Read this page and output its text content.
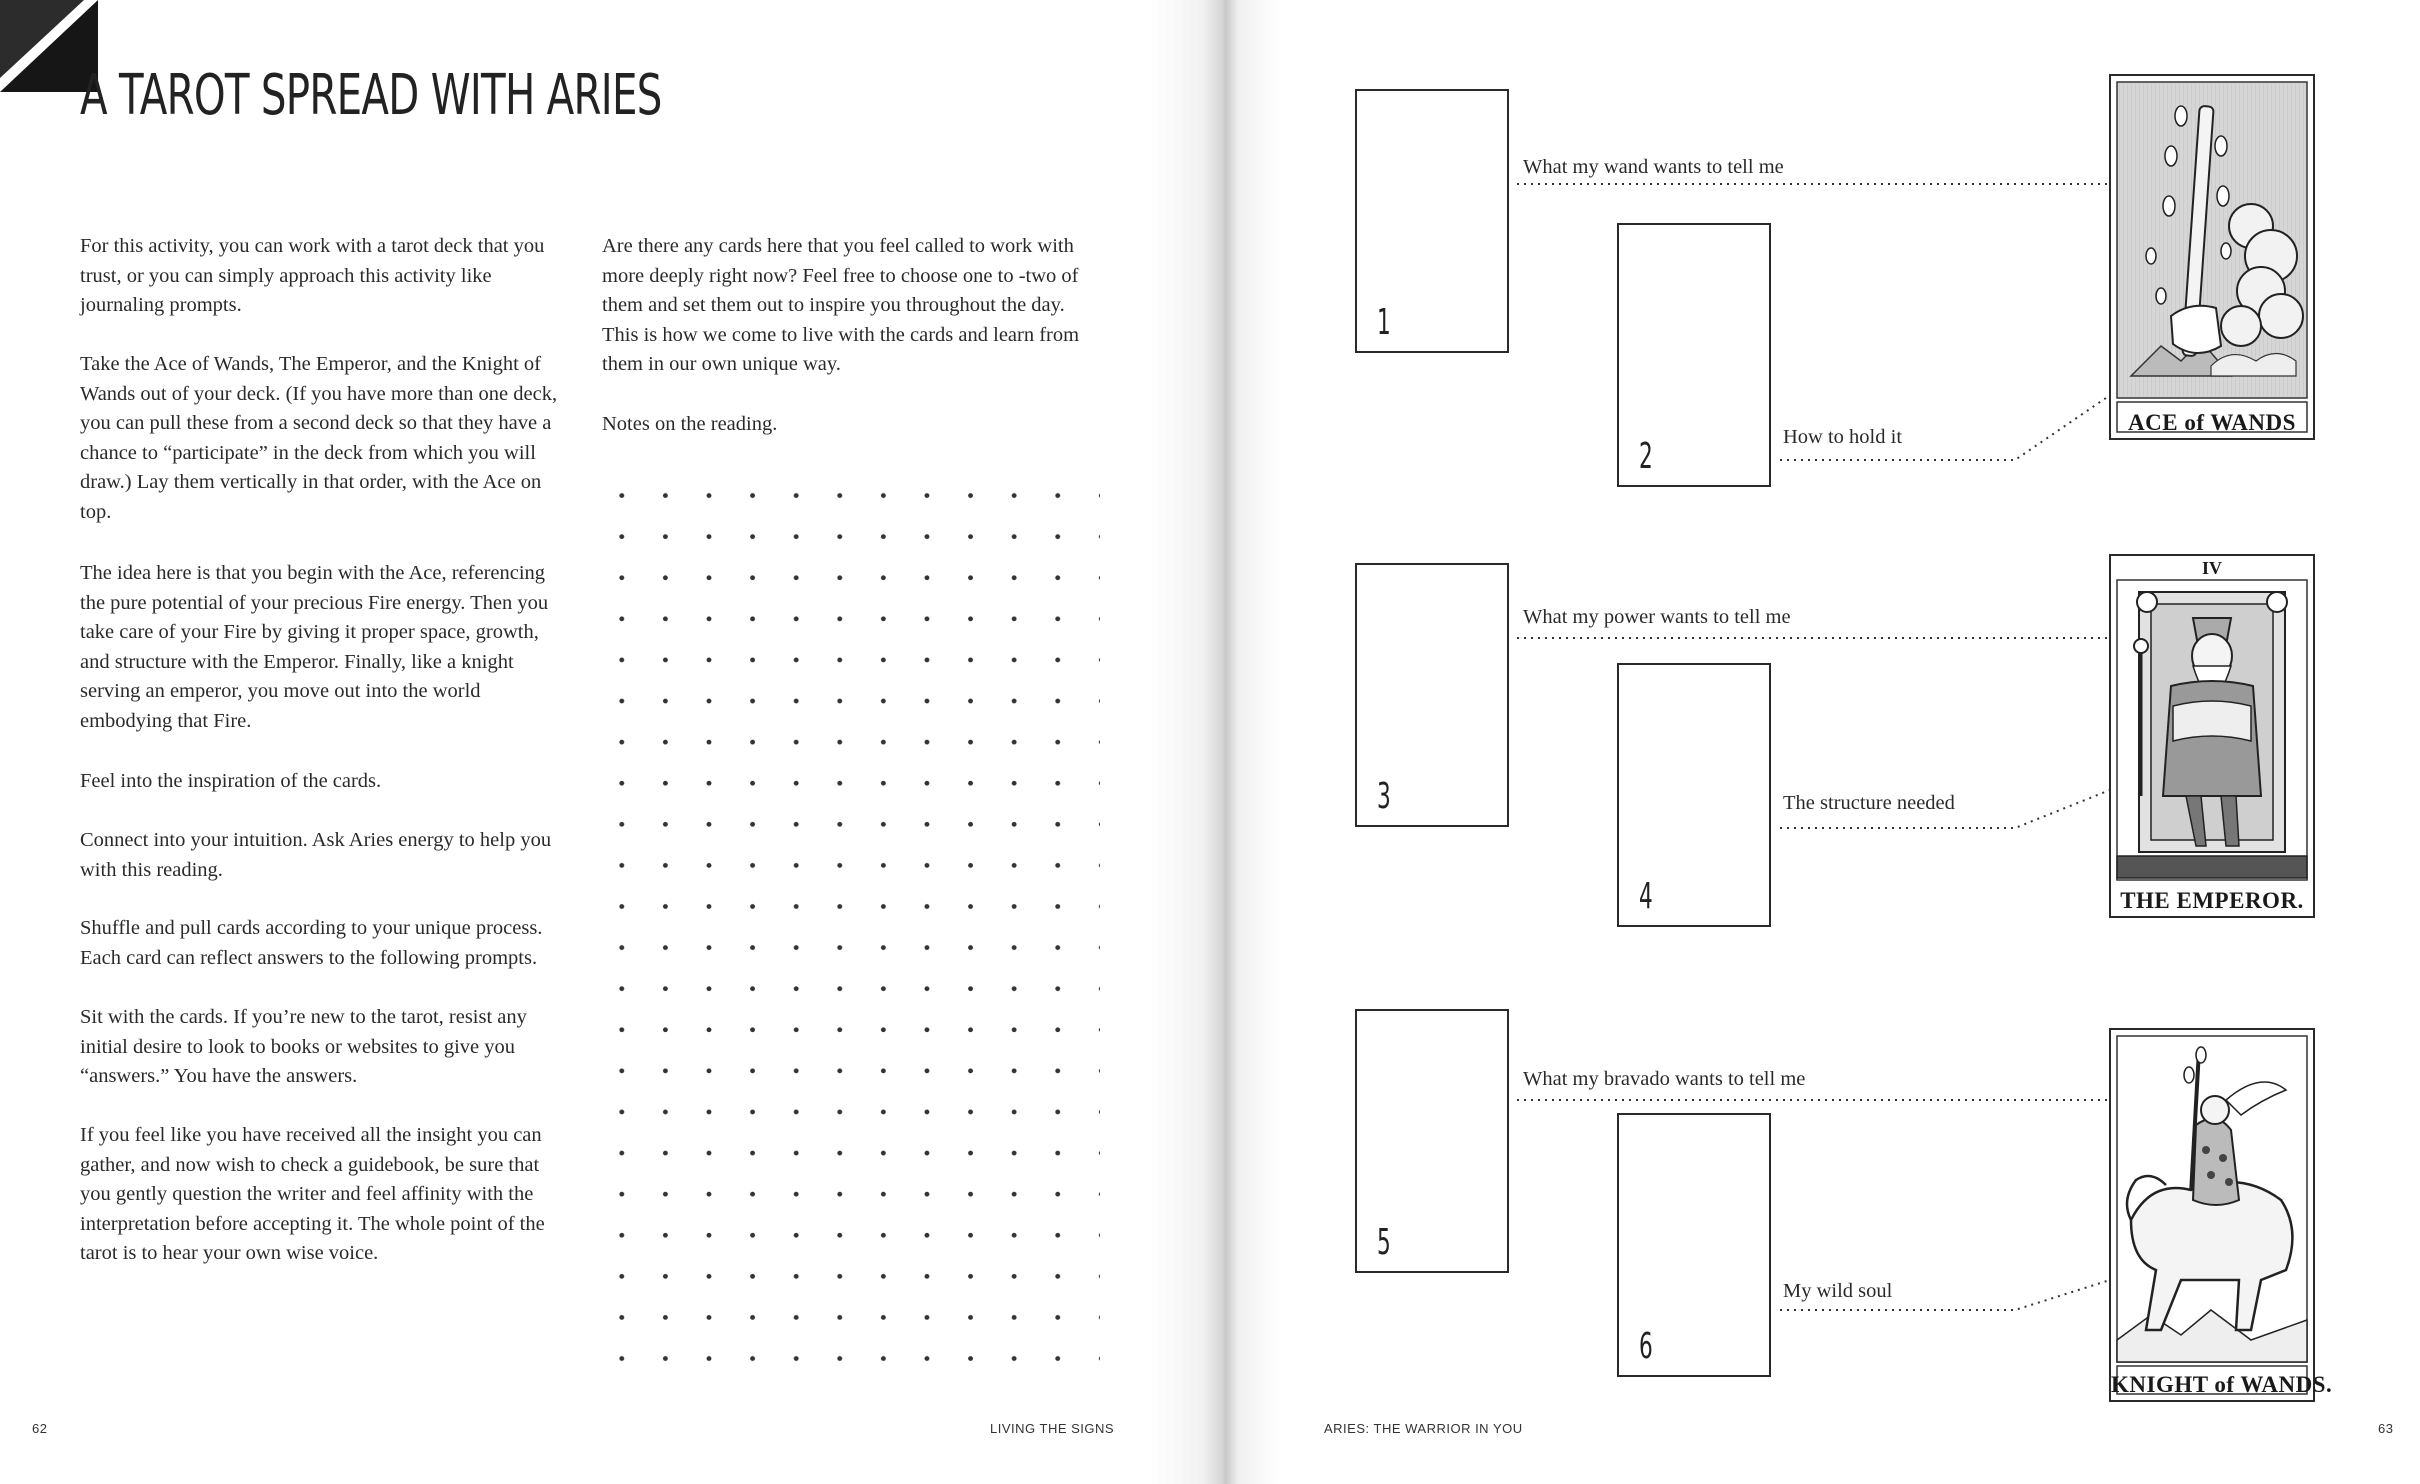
A TAROT SPREAD WITH ARIES

For this activity, you can work with a tarot deck that you trust, or you can simply approach this activity like journaling prompts.

Take the Ace of Wands, The Emperor, and the Knight of Wands out of your deck. (If you have more than one deck, you can pull these from a second deck so that they have a chance to “participate” in the deck from which you will draw.) Lay them vertically in that order, with the Ace on top.

The idea here is that you begin with the Ace, referencing the pure potential of your precious Fire energy. Then you take care of your Fire by giving it proper space, growth, and structure with the Emperor. Finally, like a knight serving an emperor, you move out into the world embodying that Fire.

Feel into the inspiration of the cards.

Connect into your intuition. Ask Aries energy to help you with this reading.

Shuffle and pull cards according to your unique process. Each card can reflect answers to the following prompts.

Sit with the cards. If you’re new to the tarot, resist any initial desire to look to books or websites to give you “answers.” You have the answers.

If you feel like you have received all the insight you can gather, and now wish to check a guidebook, be sure that you gently question the writer and feel affinity with the interpretation before accepting it. The whole point of the tarot is to hear your own wise voice.

Are there any cards here that you feel called to work with more deeply right now? Feel free to choose one to -two of them and set them out to inspire you throughout the day. This is how we come to live with the cards and learn from them in our own unique way.

Notes on the reading.

62	LIVING THE SIGNS

1
2
3
4
5
6

What my wand wants to tell me

How to hold it

What my power wants to tell me

The structure needed

What my bravado wants to tell me

My wild soul

ACE of WANDS
IV
THE EMPEROR.
KNIGHT of WANDS.

ARIES: THE WARRIOR IN YOU	63
